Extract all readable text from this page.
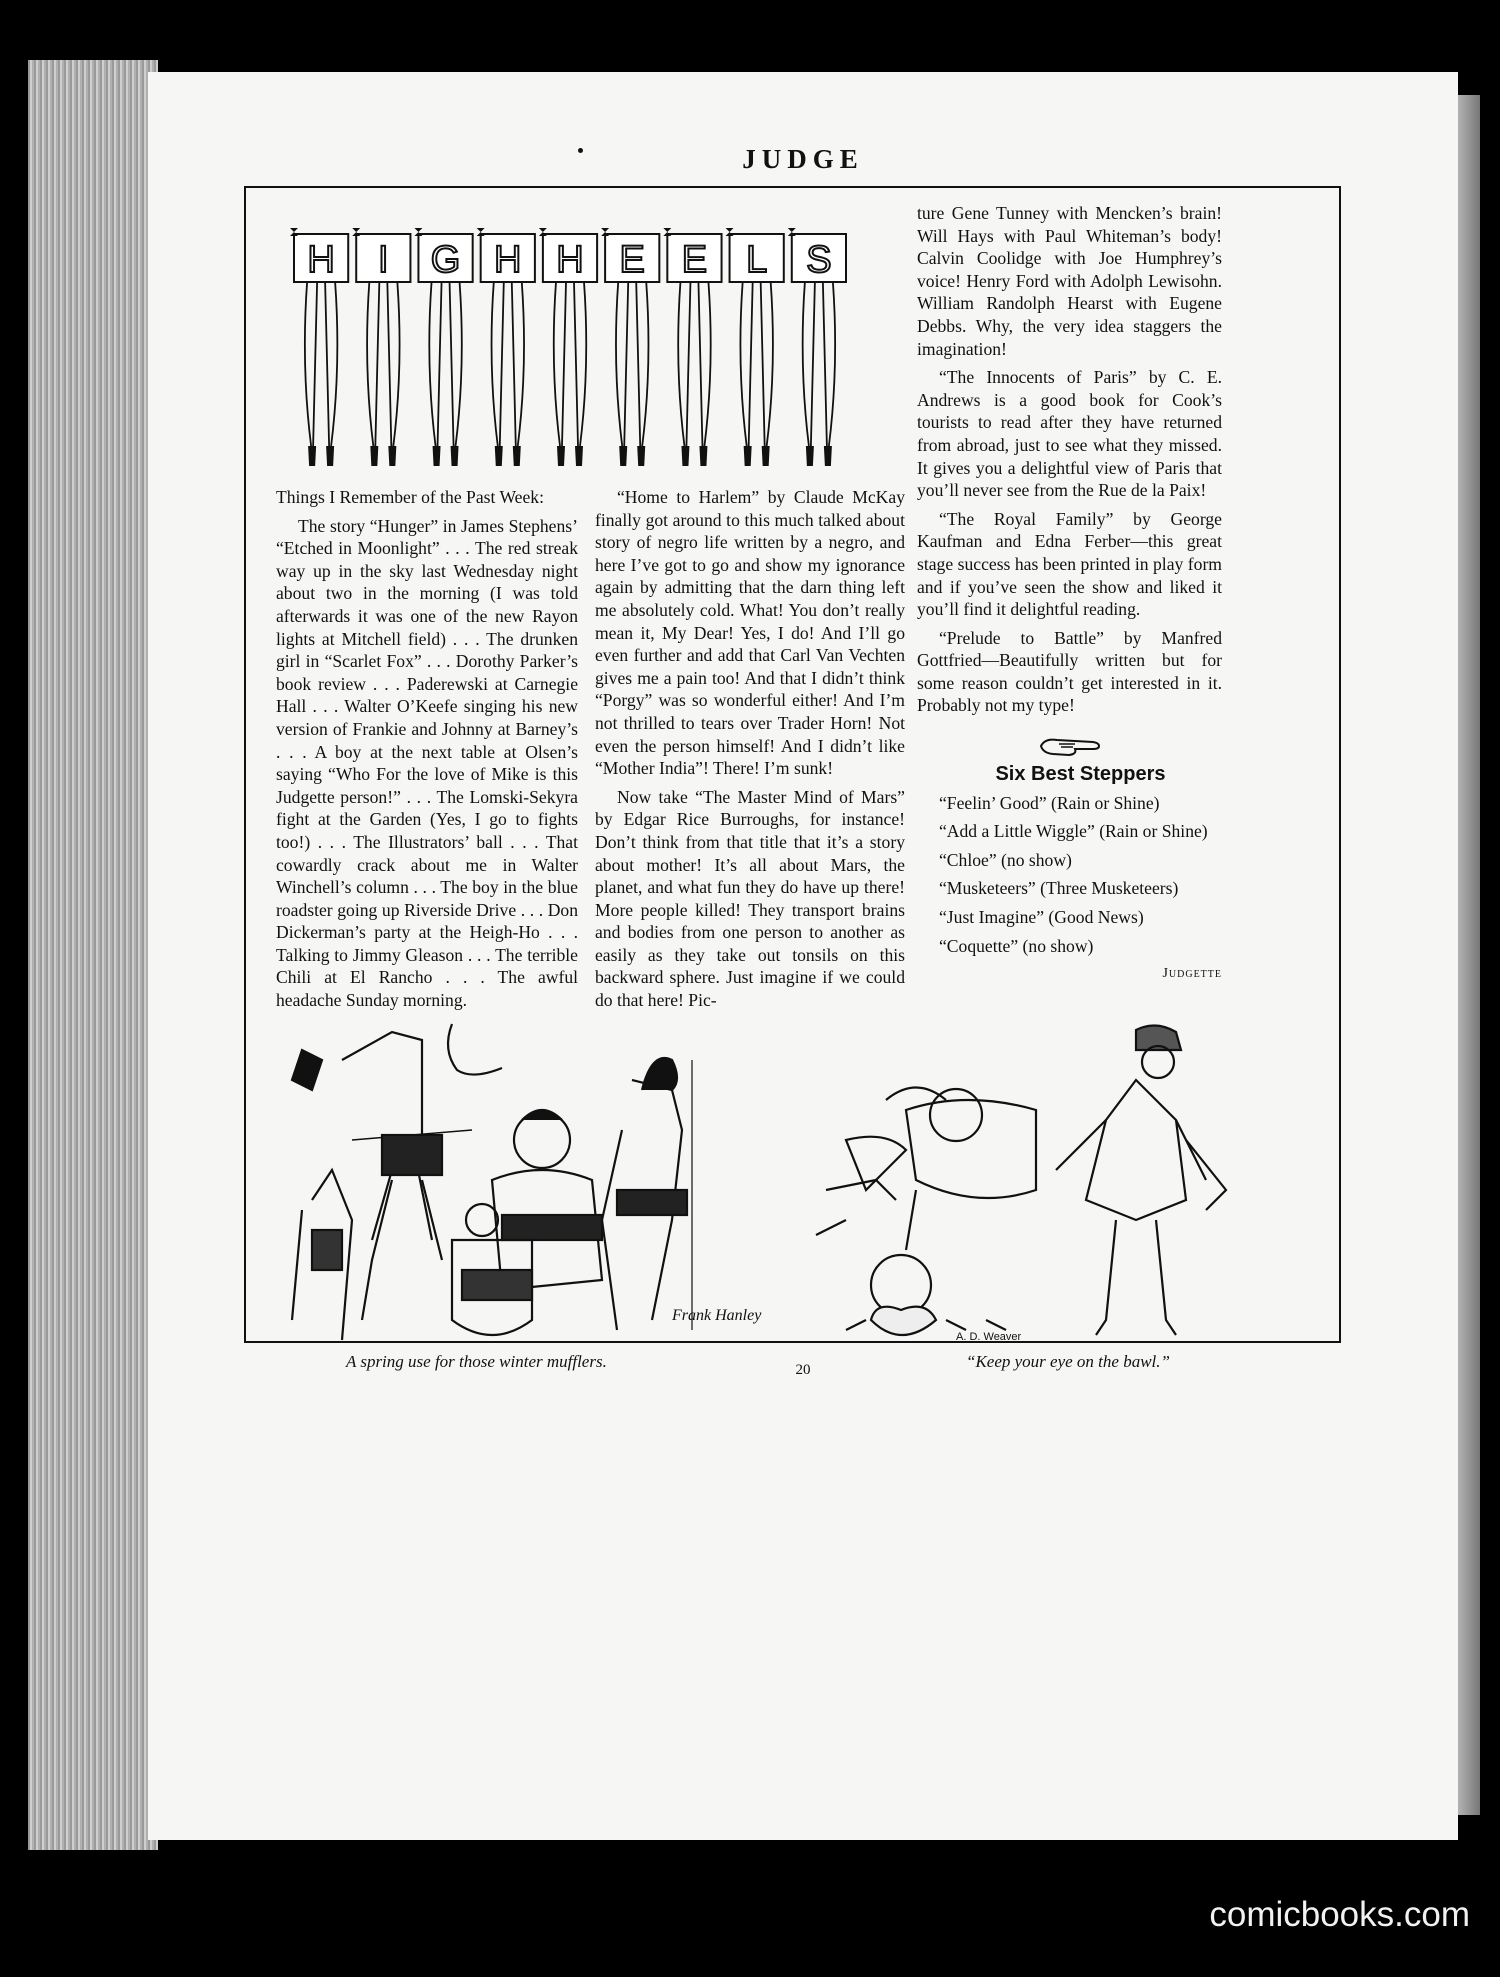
JUDGE
H I G H H E E L S

Things I Remember of the Past Week:

The story “Hunger” in James Stephens’ “Etched in Moonlight” . . . The red streak way up in the sky last Wednesday night about two in the morning (I was told afterwards it was one of the new Rayon lights at Mitchell field) . . . The drunken girl in “Scarlet Fox” . . . Dorothy Parker’s book review . . . Paderewski at Carnegie Hall . . . Walter O’Keefe singing his new version of Frankie and Johnny at Barney’s . . . A boy at the next table at Olsen’s saying “Who For the love of Mike is this Judgette person!” . . . The Lomski-Sekyra fight at the Garden (Yes, I go to fights too!) . . . The Illustrators’ ball . . . That cowardly crack about me in Walter Winchell’s column . . . The boy in the blue roadster going up Riverside Drive . . . Don Dickerman’s party at the Heigh-Ho . . . Talking to Jimmy Gleason . . . The terrible Chili at El Rancho . . . The awful headache Sunday morning.

“Home to Harlem” by Claude McKay finally got around to this much talked about story of negro life written by a negro, and here I’ve got to go and show my ignorance again by admitting that the darn thing left me absolutely cold. What! You don’t really mean it, My Dear! Yes, I do! And I’ll go even further and add that Carl Van Vechten gives me a pain too! And that I didn’t think “Porgy” was so wonderful either! And I’m not thrilled to tears over Trader Horn! Not even the person himself! And I didn’t like “Mother India”! There! I’m sunk!

Now take “The Master Mind of Mars” by Edgar Rice Burroughs, for instance! Don’t think from that title that it’s a story about mother! It’s all about Mars, the planet, and what fun they do have up there! More people killed! They transport brains and bodies from one person to another as easily as they take out tonsils on this backward sphere. Just imagine if we could do that here! Pic-

ture Gene Tunney with Mencken’s brain! Will Hays with Paul Whiteman’s body! Calvin Coolidge with Joe Humphrey’s voice! Henry Ford with Adolph Lewisohn. William Randolph Hearst with Eugene Debbs. Why, the very idea staggers the imagination!

“The Innocents of Paris” by C. E. Andrews is a good book for Cook’s tourists to read after they have returned from abroad, just to see what they missed. It gives you a delightful view of Paris that you’ll never see from the Rue de la Paix!

“The Royal Family” by George Kaufman and Edna Ferber—this great stage success has been printed in play form and if you’ve seen the show and liked it you’ll find it delightful reading.

“Prelude to Battle” by Manfred Gottfried—Beautifully written but for some reason couldn’t get interested in it. Probably not my type!

Six Best Steppers

“Feelin’ Good” (Rain or Shine)

“Add a Little Wiggle” (Rain or Shine)

“Chloe” (no show)

“Musketeers” (Three Musketeers)

“Just Imagine” (Good News)

“Coquette” (no show)

Judgette

Frank Hanley
A spring use for those winter mufflers.
A. D. Weaver
“Keep your eye on the bawl.”
20
comicbooks.com
